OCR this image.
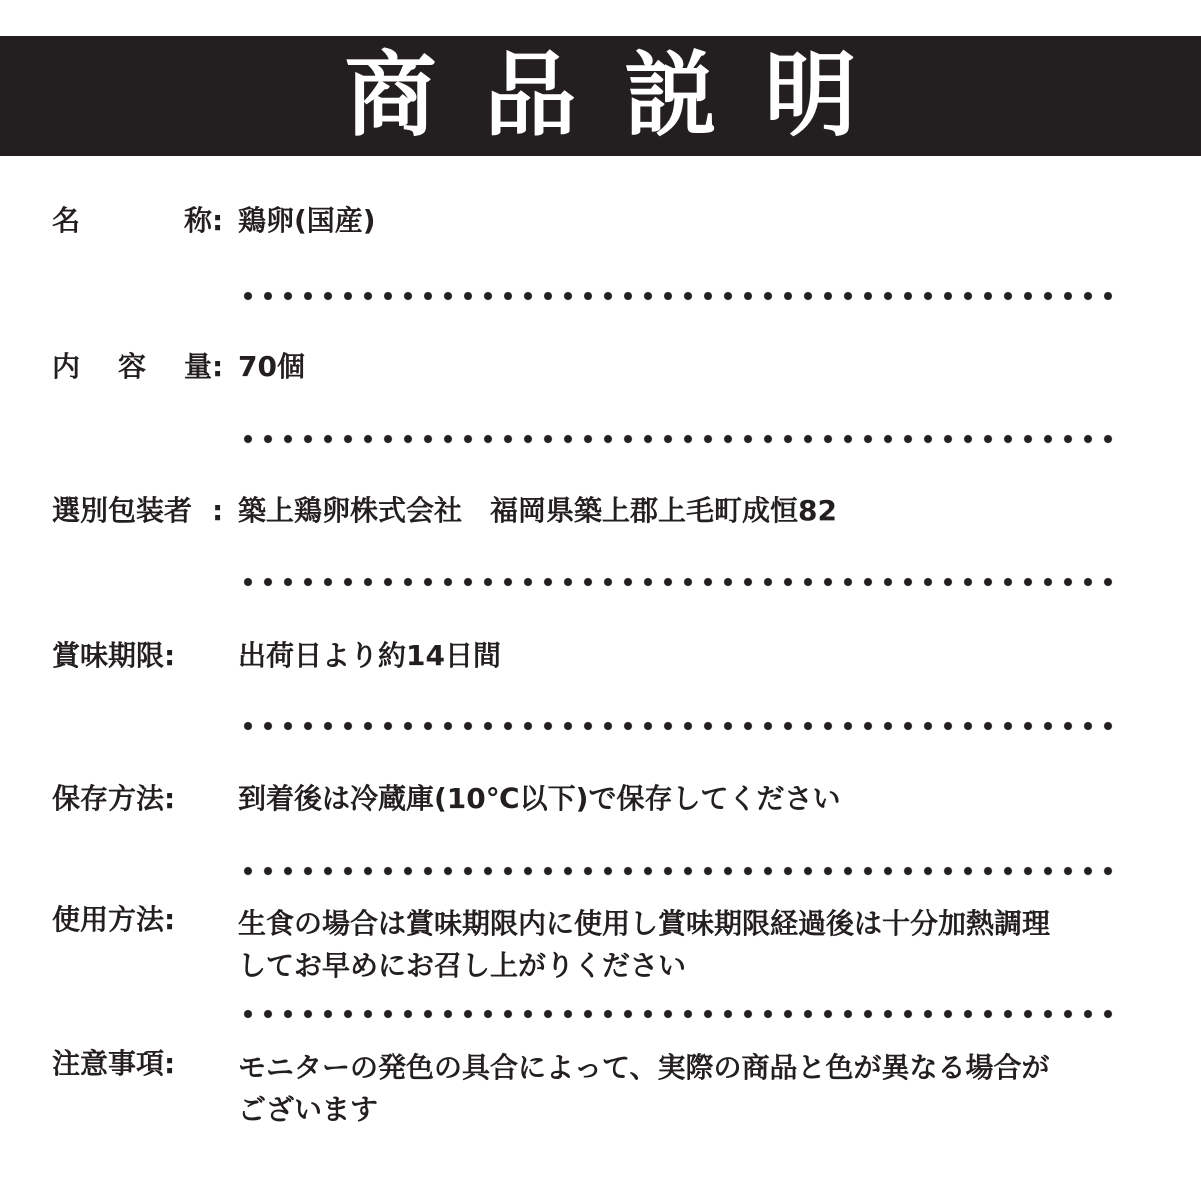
商品説明
名	称 : 鶏卵(国産)
内 容 量 : 70個
選別包装者 : 築上鶏卵株式会社　福岡県築上郡上毛町成恒82
賞味期限: 出荷日より約14日間
保存方法: 到着後は冷蔵庫(10℃以下)で保存してください
使用方法: 生食の場合は賞味期限内に使用し賞味期限経過後は十分加熱調理
してお早めにお召し上がりください
注意事項: モニターの発色の具合によって、実際の商品と色が異なる場合が
ございます
